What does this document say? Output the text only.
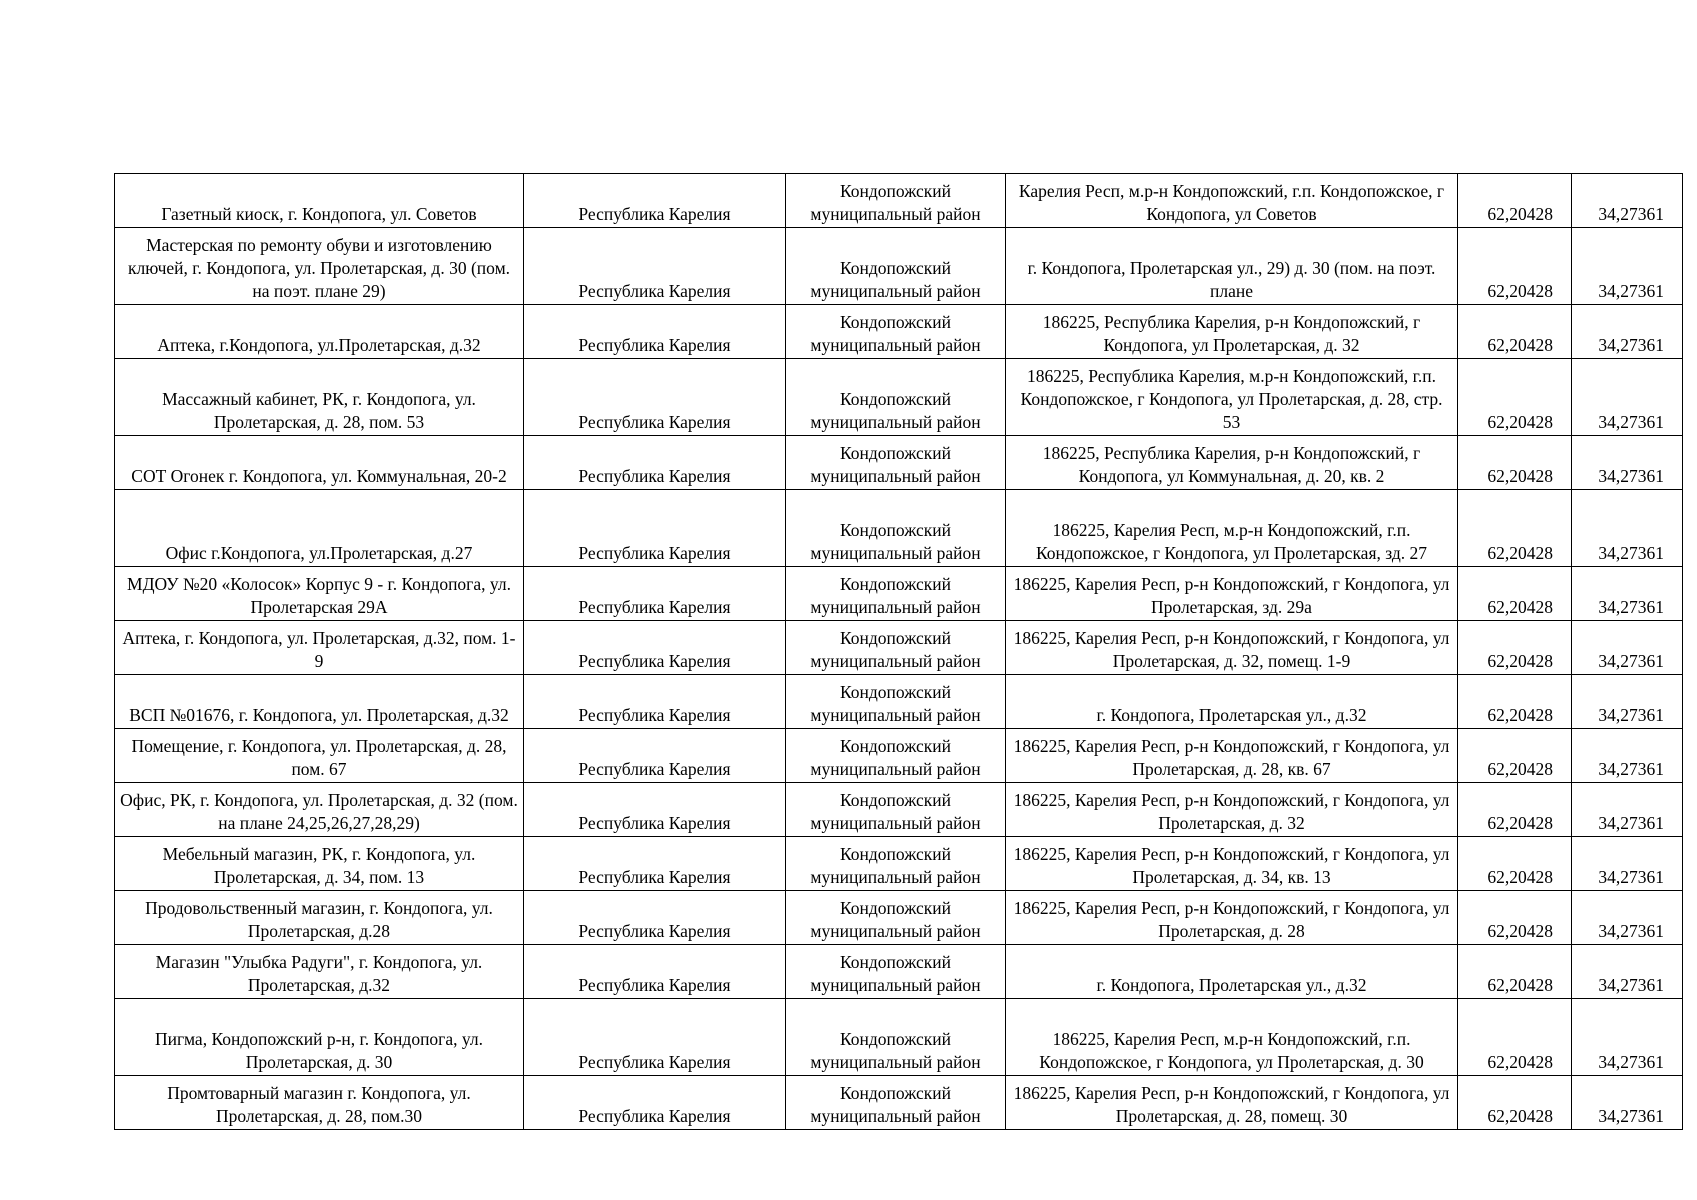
Газетный киоск, г. Кондопога, ул. Советов	Республика Карелия	Кондопожский муниципальный район	Карелия Респ, м.р-н Кондопожский, г.п. Кондопожское, г Кондопога, ул Советов	62,20428	34,27361
Мастерская по ремонту обуви и изготовлению ключей, г. Кондопога, ул. Пролетарская, д. 30 (пом. на поэт. плане 29)	Республика Карелия	Кондопожский муниципальный район	г. Кондопога, Пролетарская ул., 29) д. 30 (пом. на поэт. плане	62,20428	34,27361
Аптека, г.Кондопога, ул.Пролетарская, д.32	Республика Карелия	Кондопожский муниципальный район	186225, Республика Карелия, р-н Кондопожский, г Кондопога, ул Пролетарская, д. 32	62,20428	34,27361
Массажный кабинет, РК, г. Кондопога, ул. Пролетарская, д. 28, пом. 53	Республика Карелия	Кондопожский муниципальный район	186225, Республика Карелия, м.р-н Кондопожский, г.п. Кондопожское, г Кондопога, ул Пролетарская, д. 28, стр. 53	62,20428	34,27361
СОТ Огонек г. Кондопога, ул. Коммунальная, 20-2	Республика Карелия	Кондопожский муниципальный район	186225, Республика Карелия, р-н Кондопожский, г Кондопога, ул Коммунальная, д. 20, кв. 2	62,20428	34,27361
Офис г.Кондопога, ул.Пролетарская, д.27	Республика Карелия	Кондопожский муниципальный район	186225, Карелия Респ, м.р-н Кондопожский, г.п. Кондопожское, г Кондопога, ул Пролетарская, зд. 27	62,20428	34,27361
МДОУ №20 «Колосок» Корпус 9 - г. Кондопога, ул. Пролетарская 29А	Республика Карелия	Кондопожский муниципальный район	186225, Карелия Респ, р-н Кондопожский, г Кондопога, ул Пролетарская, зд. 29а	62,20428	34,27361
Аптека, г. Кондопога, ул. Пролетарская, д.32, пом. 1-9	Республика Карелия	Кондопожский муниципальный район	186225, Карелия Респ, р-н Кондопожский, г Кондопога, ул Пролетарская, д. 32, помещ. 1-9	62,20428	34,27361
ВСП №01676, г. Кондопога, ул. Пролетарская, д.32	Республика Карелия	Кондопожский муниципальный район	г. Кондопога, Пролетарская ул., д.32	62,20428	34,27361
Помещение, г. Кондопога, ул. Пролетарская, д. 28, пом. 67	Республика Карелия	Кондопожский муниципальный район	186225, Карелия Респ, р-н Кондопожский, г Кондопога, ул Пролетарская, д. 28, кв. 67	62,20428	34,27361
Офис, РК, г. Кондопога, ул. Пролетарская, д. 32 (пом. на плане 24,25,26,27,28,29)	Республика Карелия	Кондопожский муниципальный район	186225, Карелия Респ, р-н Кондопожский, г Кондопога, ул Пролетарская, д. 32	62,20428	34,27361
Мебельный магазин, РК, г. Кондопога, ул. Пролетарская, д. 34, пом. 13	Республика Карелия	Кондопожский муниципальный район	186225, Карелия Респ, р-н Кондопожский, г Кондопога, ул Пролетарская, д. 34, кв. 13	62,20428	34,27361
Продовольственный магазин, г. Кондопога, ул. Пролетарская, д.28	Республика Карелия	Кондопожский муниципальный район	186225, Карелия Респ, р-н Кондопожский, г Кондопога, ул Пролетарская, д. 28	62,20428	34,27361
Магазин "Улыбка Радуги", г. Кондопога, ул. Пролетарская, д.32	Республика Карелия	Кондопожский муниципальный район	г. Кондопога, Пролетарская ул., д.32	62,20428	34,27361
Пигма, Кондопожский р-н, г. Кондопога, ул. Пролетарская, д. 30	Республика Карелия	Кондопожский муниципальный район	186225, Карелия Респ, м.р-н Кондопожский, г.п. Кондопожское, г Кондопога, ул Пролетарская, д. 30	62,20428	34,27361
Промтоварный магазин г. Кондопога, ул. Пролетарская, д. 28, пом.30	Республика Карелия	Кондопожский муниципальный район	186225, Карелия Респ, р-н Кондопожский, г Кондопога, ул Пролетарская, д. 28, помещ. 30	62,20428	34,27361
